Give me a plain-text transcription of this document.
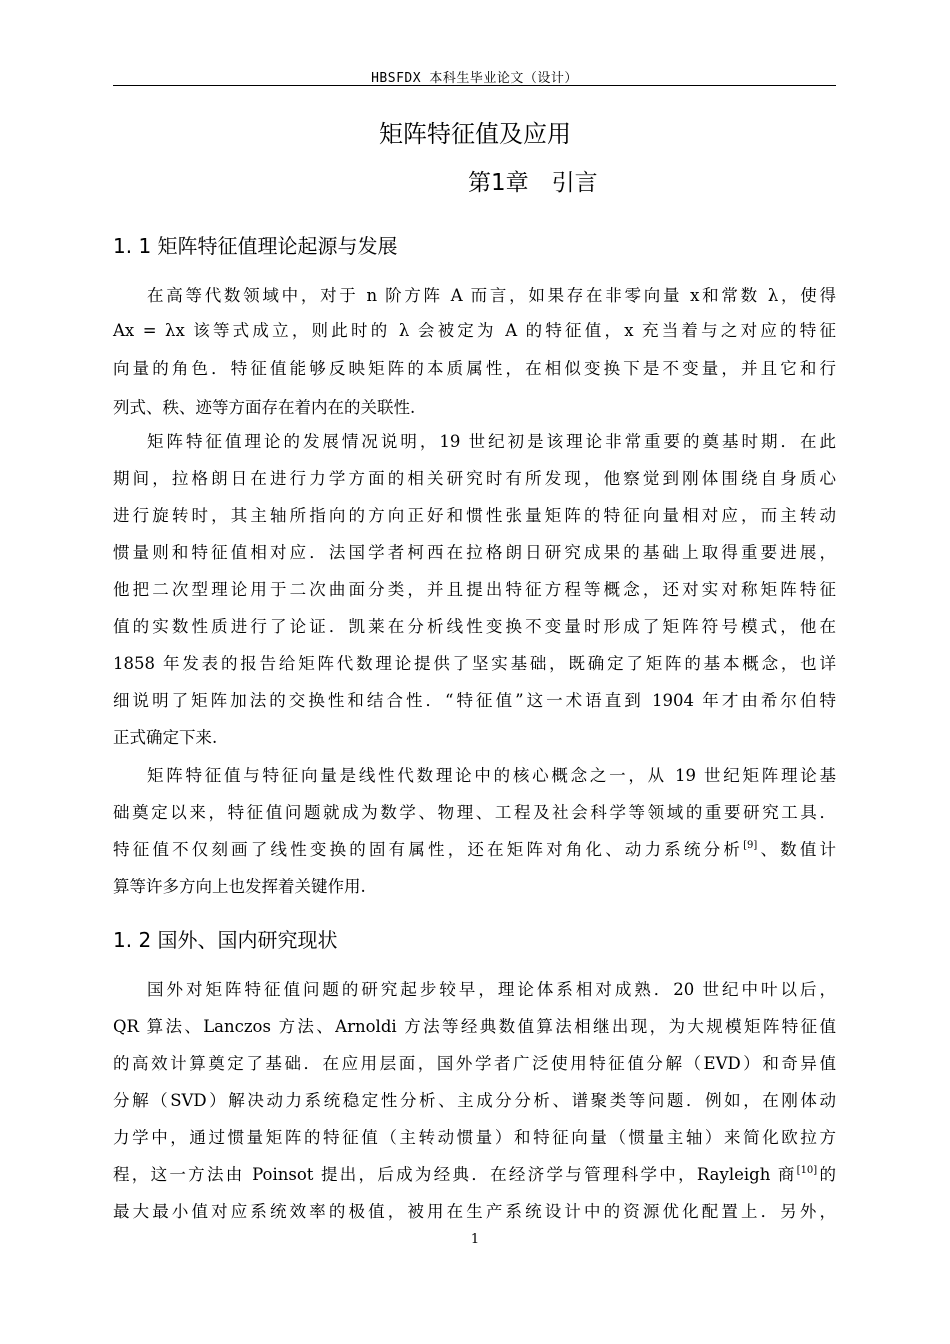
HBSFDX 本科生毕业论文（设计）
矩阵特征值及应用
第1章　引言
1. 1 矩阵特征值理论起源与发展
在高等代数领域中，对于 n 阶方阵 A 而言，如果存在非零向量 x和常数 λ，使得
Ax = λx 该等式成立，则此时的 λ 会被定为 A 的特征值，x 充当着与之对应的特征
向量的角色．特征值能够反映矩阵的本质属性，在相似变换下是不变量，并且它和行
列式、秩、迹等方面存在着内在的关联性.
矩阵特征值理论的发展情况说明，19 世纪初是该理论非常重要的奠基时期．在此
期间，拉格朗日在进行力学方面的相关研究时有所发现，他察觉到刚体围绕自身质心
进行旋转时，其主轴所指向的方向正好和惯性张量矩阵的特征向量相对应，而主转动
惯量则和特征值相对应．法国学者柯西在拉格朗日研究成果的基础上取得重要进展，
他把二次型理论用于二次曲面分类，并且提出特征方程等概念，还对实对称矩阵特征
值的实数性质进行了论证．凯莱在分析线性变换不变量时形成了矩阵符号模式，他在
1858 年发表的报告给矩阵代数理论提供了坚实基础，既确定了矩阵的基本概念，也详
细说明了矩阵加法的交换性和结合性．“特征值”这一术语直到 1904 年才由希尔伯特
正式确定下来.
矩阵特征值与特征向量是线性代数理论中的核心概念之一，从 19 世纪矩阵理论基
础奠定以来，特征值问题就成为数学、物理、工程及社会科学等领域的重要研究工具．
特征值不仅刻画了线性变换的固有属性，还在矩阵对角化、动力系统分析[9]、数值计
算等许多方向上也发挥着关键作用.
1. 2 国外、国内研究现状
国外对矩阵特征值问题的研究起步较早，理论体系相对成熟．20 世纪中叶以后，
QR 算法、Lanczos 方法、Arnoldi 方法等经典数值算法相继出现，为大规模矩阵特征值
的高效计算奠定了基础．在应用层面，国外学者广泛使用特征值分解（EVD）和奇异值
分解（SVD）解决动力系统稳定性分析、主成分分析、谱聚类等问题．例如，在刚体动
力学中，通过惯量矩阵的特征值（主转动惯量）和特征向量（惯量主轴）来简化欧拉方
程，这一方法由 Poinsot 提出，后成为经典．在经济学与管理科学中，Rayleigh 商[10]的
最大最小值对应系统效率的极值，被用在生产系统设计中的资源优化配置上．另外，
1
